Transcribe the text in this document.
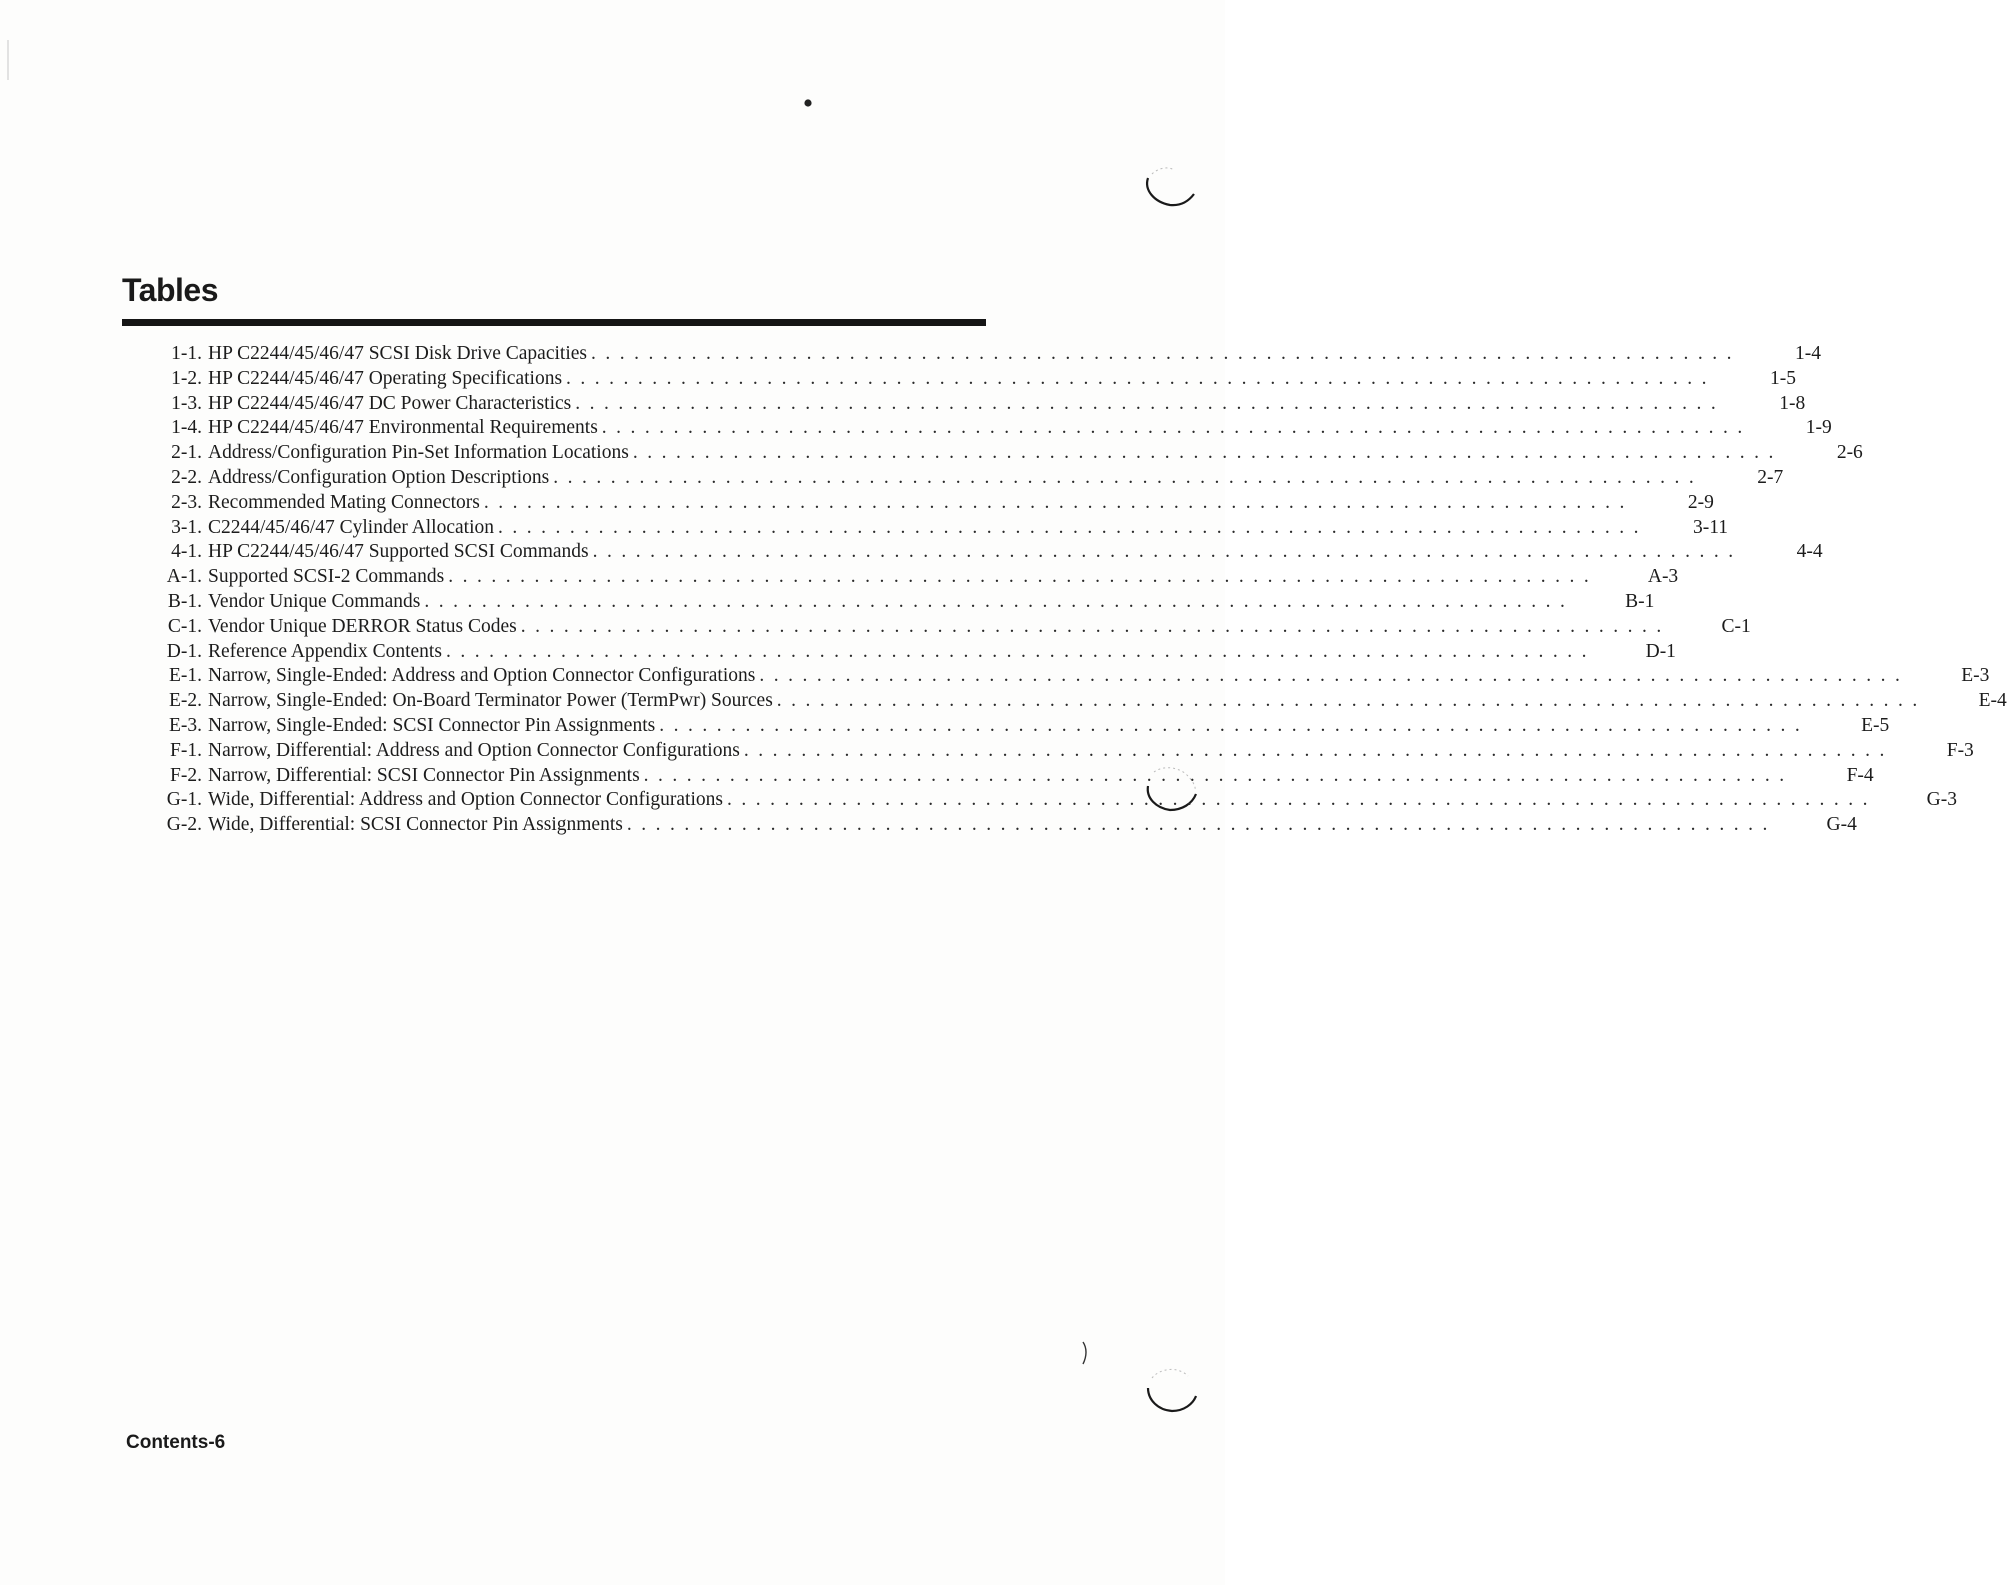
Tables
1-1. HP C2244/45/46/47 SCSI Disk Drive Capacities ................................................................................	1-4
1-2. HP C2244/45/46/47 Operating Specifications ................................................................................	1-5
1-3. HP C2244/45/46/47 DC Power Characteristics ................................................................................	1-8
1-4. HP C2244/45/46/47 Environmental Requirements ................................................................................	1-9
2-1. Address/Configuration Pin-Set Information Locations ................................................................................	2-6
2-2. Address/Configuration Option Descriptions ................................................................................	2-7
2-3. Recommended Mating Connectors ................................................................................	2-9
3-1. C2244/45/46/47 Cylinder Allocation ................................................................................	3-11
4-1. HP C2244/45/46/47 Supported SCSI Commands ................................................................................	4-4
A-1. Supported SCSI-2 Commands ................................................................................	A-3
B-1. Vendor Unique Commands ................................................................................	B-1
C-1. Vendor Unique DERROR Status Codes ................................................................................	C-1
D-1. Reference Appendix Contents ................................................................................	D-1
E-1. Narrow, Single-Ended: Address and Option Connector Configurations ................................................................................	E-3
E-2. Narrow, Single-Ended: On-Board Terminator Power (TermPwr) Sources ................................................................................	E-4
E-3. Narrow, Single-Ended: SCSI Connector Pin Assignments ................................................................................	E-5
F-1. Narrow, Differential: Address and Option Connector Configurations ................................................................................	F-3
F-2. Narrow, Differential: SCSI Connector Pin Assignments ................................................................................	F-4
G-1. Wide, Differential: Address and Option Connector Configurations ................................................................................	G-3
G-2. Wide, Differential: SCSI Connector Pin Assignments ................................................................................	G-4

Contents-6
